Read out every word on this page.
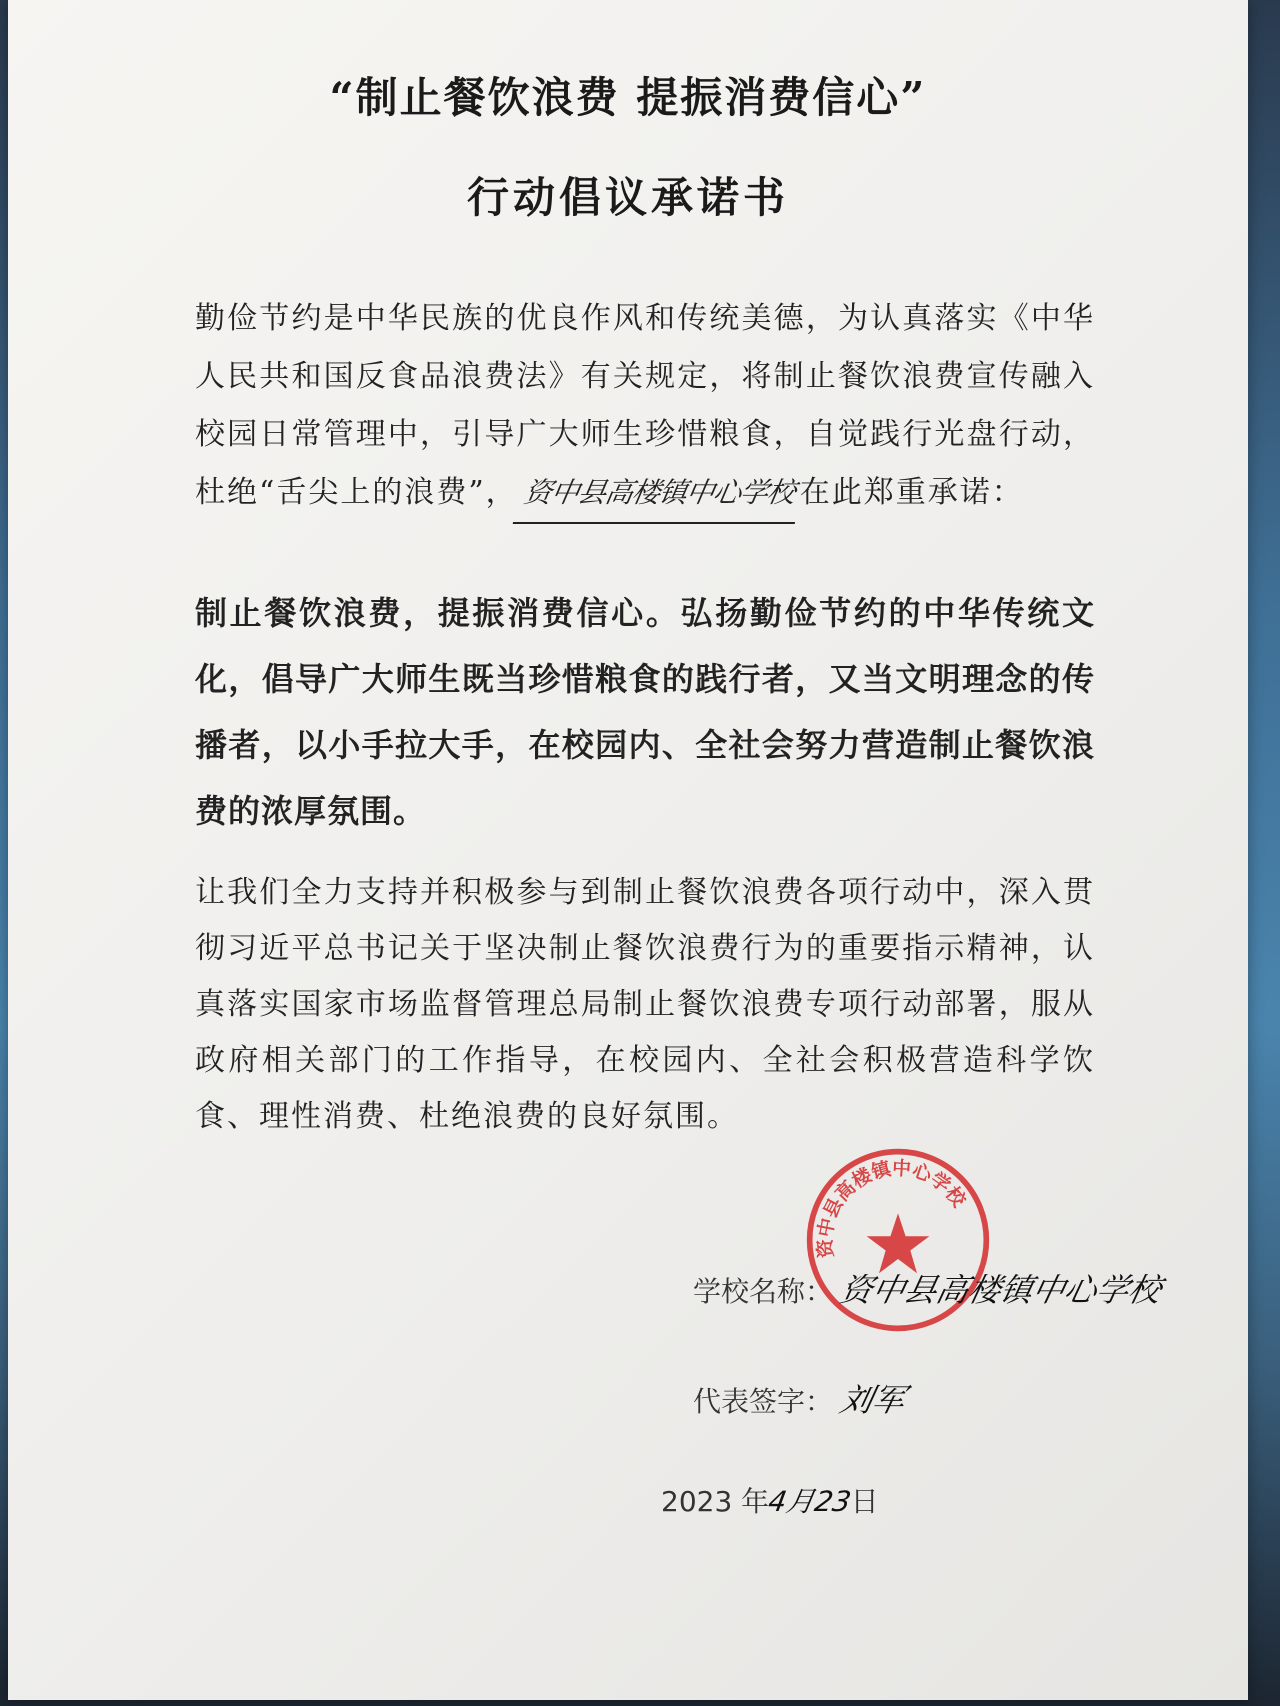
“制止餐饮浪费 提振消费信心”
行动倡议承诺书

勤俭节约是中华民族的优良作风和传统美德，为认真落实《中华人民共和国反食品浪费法》有关规定，将制止餐饮浪费宣传融入校园日常管理中，引导广大师生珍惜粮食，自觉践行光盘行动，杜绝“舌尖上的浪费”， 资中县高楼镇中心学校在此郑重承诺：

制止餐饮浪费，提振消费信心。弘扬勤俭节约的中华传统文化，倡导广大师生既当珍惜粮食的践行者，又当文明理念的传播者，以小手拉大手，在校园内、全社会努力营造制止餐饮浪费的浓厚氛围。

让我们全力支持并积极参与到制止餐饮浪费各项行动中，深入贯彻习近平总书记关于坚决制止餐饮浪费行为的重要指示精神，认真落实国家市场监督管理总局制止餐饮浪费专项行动部署，服从政府相关部门的工作指导，在校园内、全社会积极营造科学饮食、理性消费、杜绝浪费的良好氛围。

资中县高楼镇中心学校
学校名称： 资中县高楼镇中心学校
代表签字： 刘军
2023 年4月23日
